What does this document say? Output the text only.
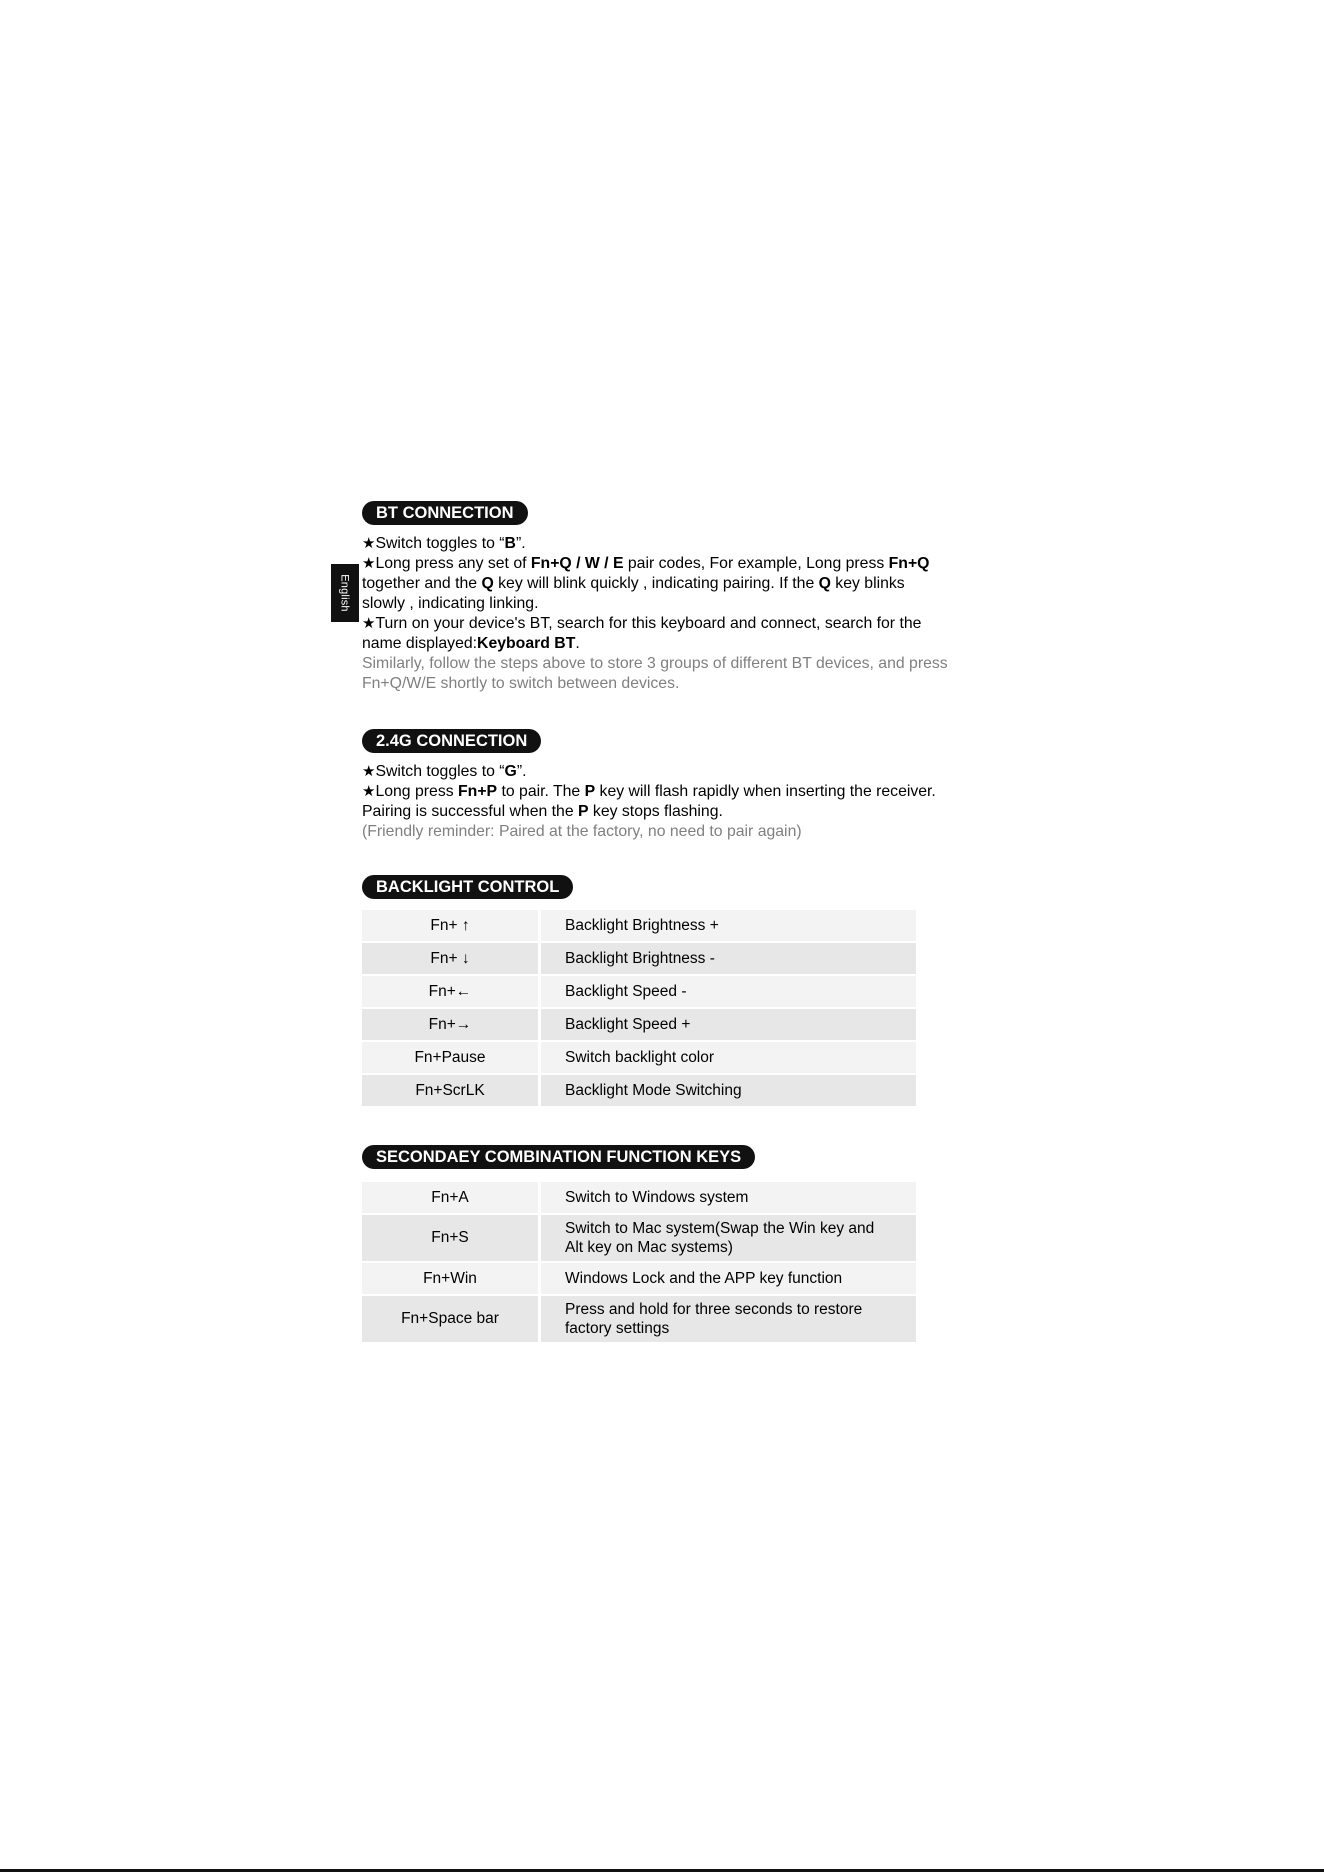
English
BT CONNECTION
★Switch toggles to “B”.
★Long press any set of Fn+Q / W / E pair codes, For example, Long press Fn+Q
together and the Q key will blink quickly , indicating pairing. If the Q key blinks
slowly , indicating linking.
★Turn on your device's BT, search for this keyboard and connect, search for the
name displayed:Keyboard BT.
Similarly, follow the steps above to store 3 groups of different BT devices, and press
Fn+Q/W/E shortly to switch between devices.
2.4G CONNECTION
★Switch toggles to “G”.
★Long press Fn+P to pair. The P key will flash rapidly when inserting the receiver.
Pairing is successful when the P key stops flashing.
(Friendly reminder: Paired at the factory, no need to pair again)
BACKLIGHT CONTROL
Fn+ ↑		Backlight Brightness +
Fn+ ↓		Backlight Brightness -
Fn+←		Backlight Speed -
Fn+→		Backlight Speed +
Fn+Pause		Switch backlight color
Fn+ScrLK		Backlight Mode Switching
SECONDAEY COMBINATION FUNCTION KEYS
Fn+A		Switch to Windows system

Fn+S		Switch to Mac system(Swap the Win key and
Alt key on Mac systems)

Fn+Win		Windows Lock and the APP key function

Fn+Space bar		Press and hold for three seconds to restore
factory settings
